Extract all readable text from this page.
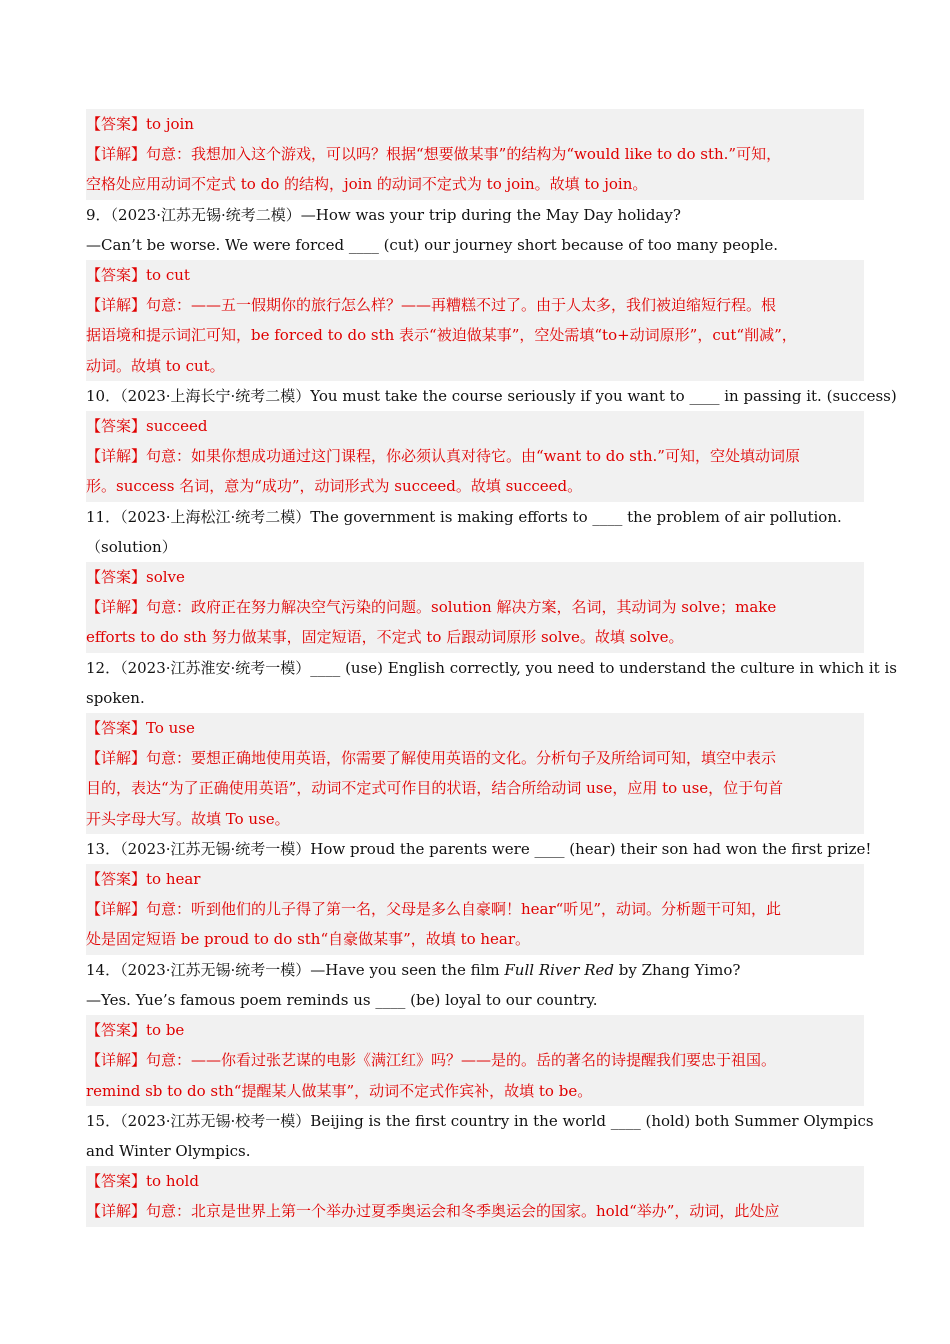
【答案】to join
【详解】句意：我想加入这个游戏，可以吗？根据“想要做某事”的结构为“would like to do sth.”可知，
空格处应用动词不定式 to do 的结构，join 的动词不定式为 to join。故填 to join。
9．（2023·江苏无锡·统考二模）—How was your trip during the May Day holiday?
—Can’t be worse. We were forced ____ (cut) our journey short because of too many people.
【答案】to cut
【详解】句意：——五一假期你的旅行怎么样？——再糟糕不过了。由于人太多，我们被迫缩短行程。根
据语境和提示词汇可知，be forced to do sth 表示“被迫做某事”，空处需填“to+动词原形”，cut“削减”，
动词。故填 to cut。
10．（2023·上海长宁·统考二模）You must take the course seriously if you want to ____ in passing it. (success)
【答案】succeed
【详解】句意：如果你想成功通过这门课程，你必须认真对待它。由“want to do sth.”可知，空处填动词原
形。success 名词，意为“成功”，动词形式为 succeed。故填 succeed。
11．（2023·上海松江·统考二模）The government is making efforts to ____ the problem of air pollution.
（solution）
【答案】solve
【详解】句意：政府正在努力解决空气污染的问题。solution 解决方案，名词，其动词为 solve；make
efforts to do sth 努力做某事，固定短语，不定式 to 后跟动词原形 solve。故填 solve。
12．（2023·江苏淮安·统考一模）____ (use) English correctly, you need to understand the culture in which it is
spoken.
【答案】To use
【详解】句意：要想正确地使用英语，你需要了解使用英语的文化。分析句子及所给词可知，填空中表示
目的，表达“为了正确使用英语”，动词不定式可作目的状语，结合所给动词 use，应用 to use，位于句首
开头字母大写。故填 To use。
13．（2023·江苏无锡·统考一模）How proud the parents were ____ (hear) their son had won the first prize!
【答案】to hear
【详解】句意：听到他们的儿子得了第一名，父母是多么自豪啊！hear“听见”，动词。分析题干可知，此
处是固定短语 be proud to do sth“自豪做某事”，故填 to hear。
14．（2023·江苏无锡·统考一模）—Have you seen the film Full River Red by Zhang Yimo?
—Yes. Yue’s famous poem reminds us ____ (be) loyal to our country.
【答案】to be
【详解】句意：——你看过张艺谋的电影《满江红》吗？——是的。岳的著名的诗提醒我们要忠于祖国。
remind sb to do sth“提醒某人做某事”，动词不定式作宾补，故填 to be。
15．（2023·江苏无锡·校考一模）Beijing is the first country in the world ____ (hold) both Summer Olympics
and Winter Olympics.
【答案】to hold
【详解】句意：北京是世界上第一个举办过夏季奥运会和冬季奥运会的国家。hold“举办”，动词，此处应
